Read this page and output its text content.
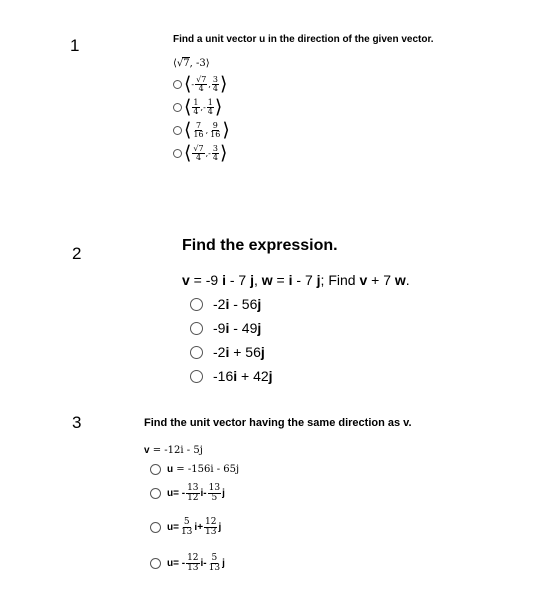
1
2
3
Find a unit vector u in the direction of the given vector.
⟨√7, -3⟩
⟨ - $\frac{√7}{4}$ , $\frac{3}{4}$ ⟩
⟨ $\frac{1}{4}$ , - $\frac{1}{4}$ ⟩
⟨ $\frac{7}{16}$ , $\frac{9}{16}$ ⟩
⟨ $\frac{√7}{4}$ , - $\frac{3}{4}$ ⟩
Find the expression.
v = -9 i - 7 j, w = i - 7 j; Find v + 7 w.
-2i - 56j
-9i - 49j
-2i + 56j
-16i + 42j
Find the unit vector having the same direction as v.
v = -12i - 5j
u = -156i - 65j
u = - $\frac{13}{12}$ i - $\frac{13}{5}$ j
$u = \frac{5}{13}$ $i + \frac{12}{13}$ j
u = - $\frac{12}{13}$ i - $\frac{5}{13}$ j
